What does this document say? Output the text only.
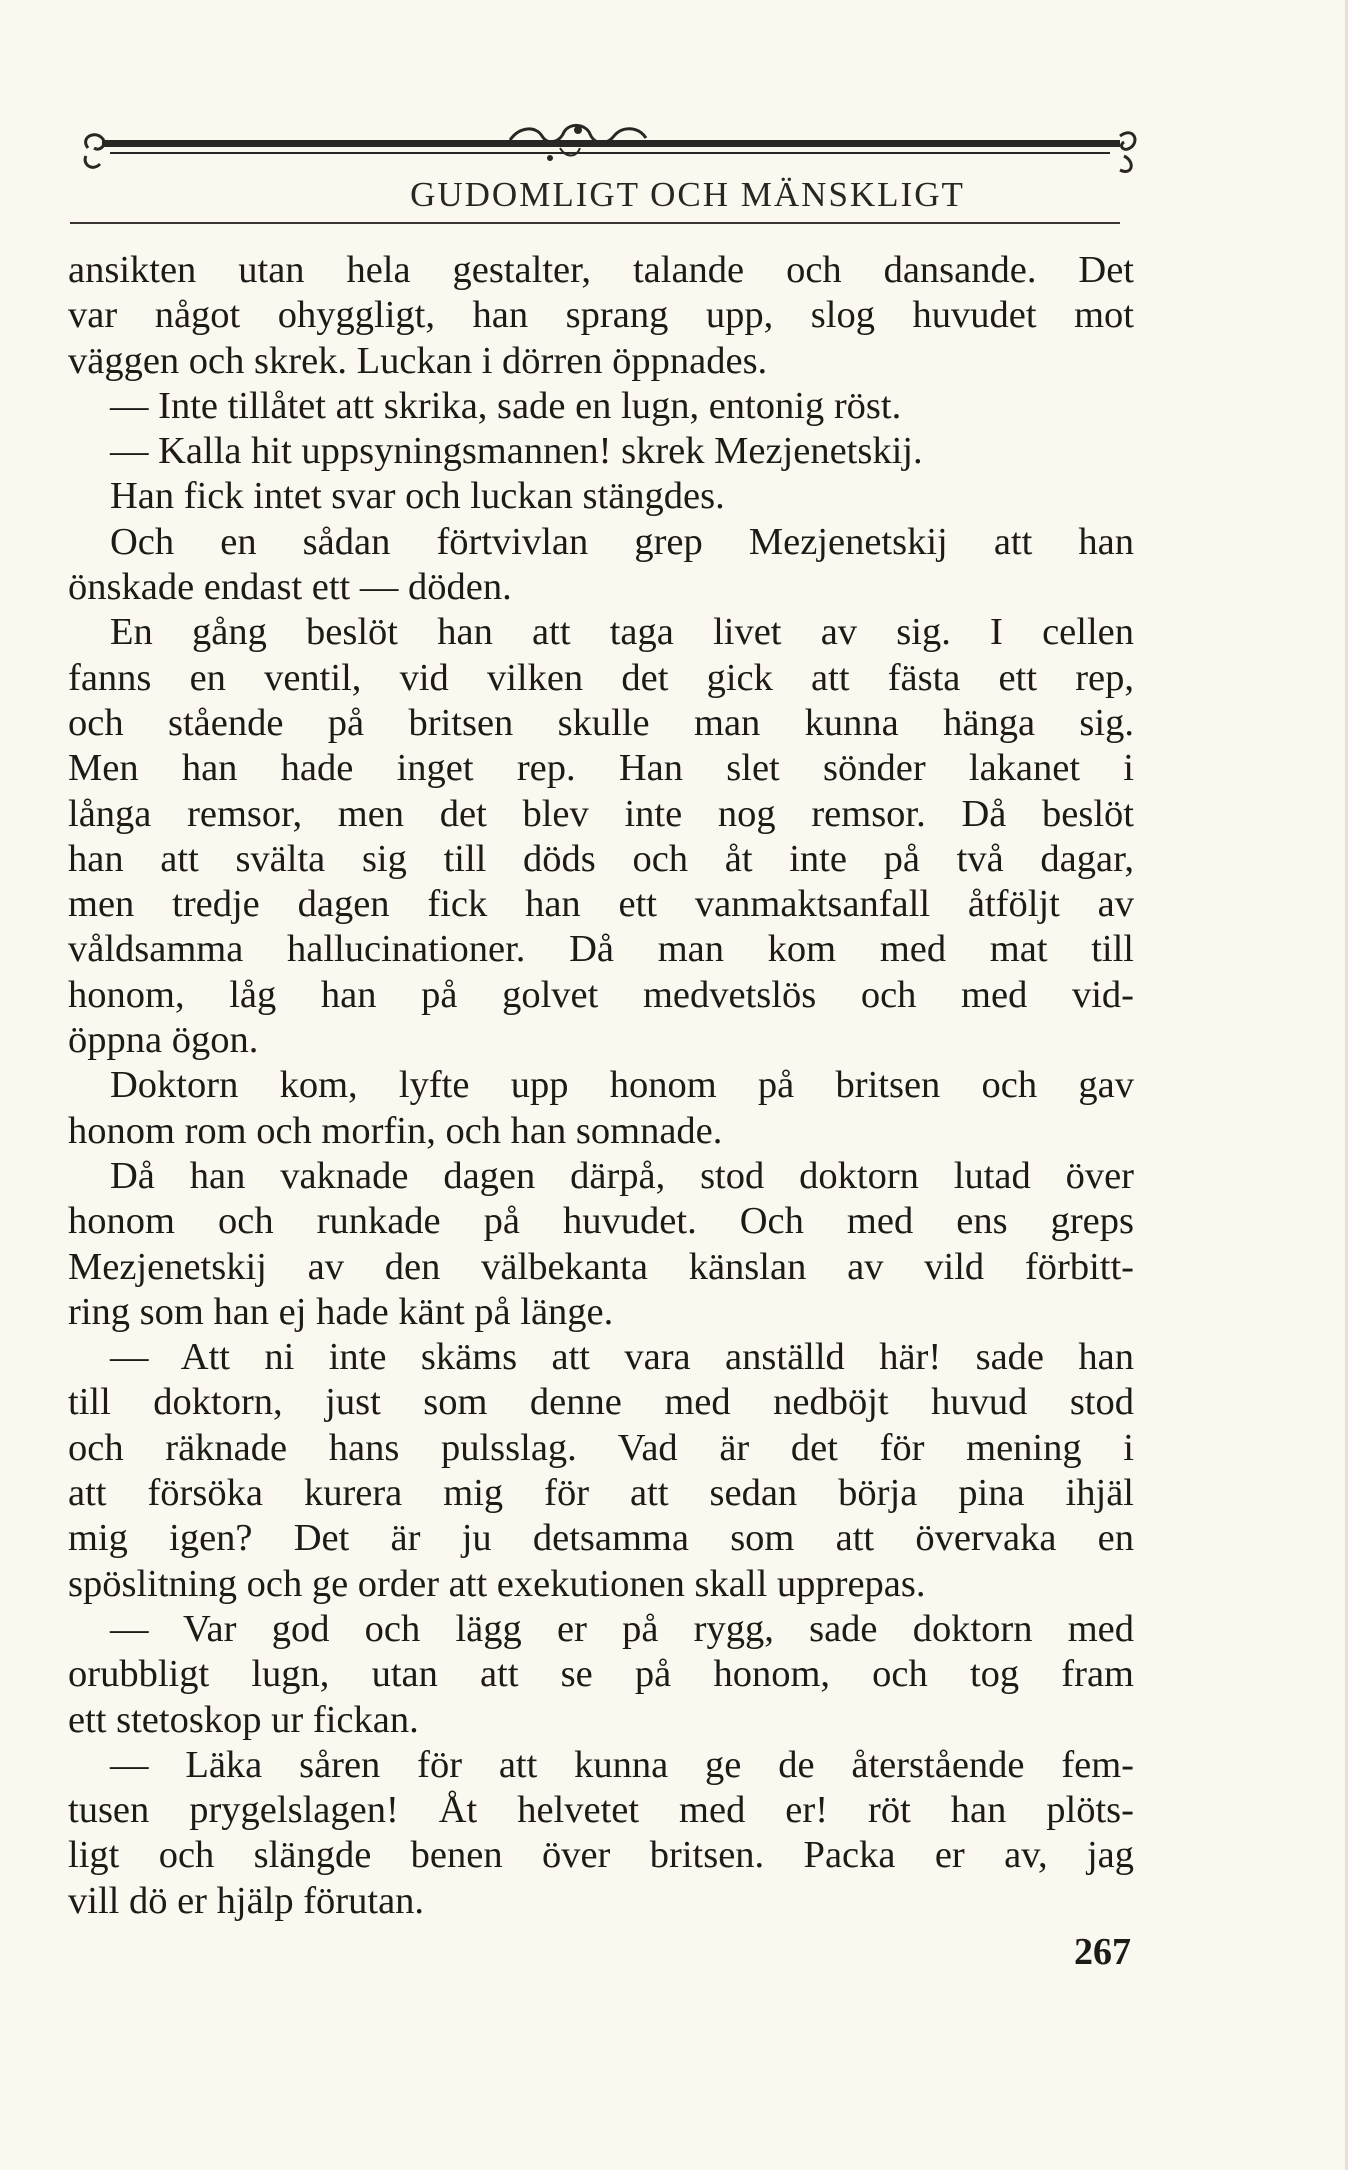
GUDOMLIGT OCH MÄNSKLIGT
ansikten utan hela gestalter, talande och dansande. Det
var något ohyggligt, han sprang upp, slog huvudet mot
väggen och skrek. Luckan i dörren öppnades.
— Inte tillåtet att skrika, sade en lugn, entonig röst.
— Kalla hit uppsyningsmannen! skrek Mezjenetskij.
Han fick intet svar och luckan stängdes.
Och en sådan förtvivlan grep Mezjenetskij att han
önskade endast ett — döden.
En gång beslöt han att taga livet av sig. I cellen
fanns en ventil, vid vilken det gick att fästa ett rep,
och stående på britsen skulle man kunna hänga sig.
Men han hade inget rep. Han slet sönder lakanet i
långa remsor, men det blev inte nog remsor. Då beslöt
han att svälta sig till döds och åt inte på två dagar,
men tredje dagen fick han ett vanmaktsanfall åtföljt av
våldsamma hallucinationer. Då man kom med mat till
honom, låg han på golvet medvetslös och med vid-
öppna ögon.
Doktorn kom, lyfte upp honom på britsen och gav
honom rom och morfin, och han somnade.
Då han vaknade dagen därpå, stod doktorn lutad över
honom och runkade på huvudet. Och med ens greps
Mezjenetskij av den välbekanta känslan av vild förbitt-
ring som han ej hade känt på länge.
— Att ni inte skäms att vara anställd här! sade han
till doktorn, just som denne med nedböjt huvud stod
och räknade hans pulsslag. Vad är det för mening i
att försöka kurera mig för att sedan börja pina ihjäl
mig igen? Det är ju detsamma som att övervaka en
spöslitning och ge order att exekutionen skall upprepas.
— Var god och lägg er på rygg, sade doktorn med
orubbligt lugn, utan att se på honom, och tog fram
ett stetoskop ur fickan.
— Läka såren för att kunna ge de återstående fem-
tusen prygelslagen! Åt helvetet med er! röt han plöts-
ligt och slängde benen över britsen. Packa er av, jag
vill dö er hjälp förutan.
267
